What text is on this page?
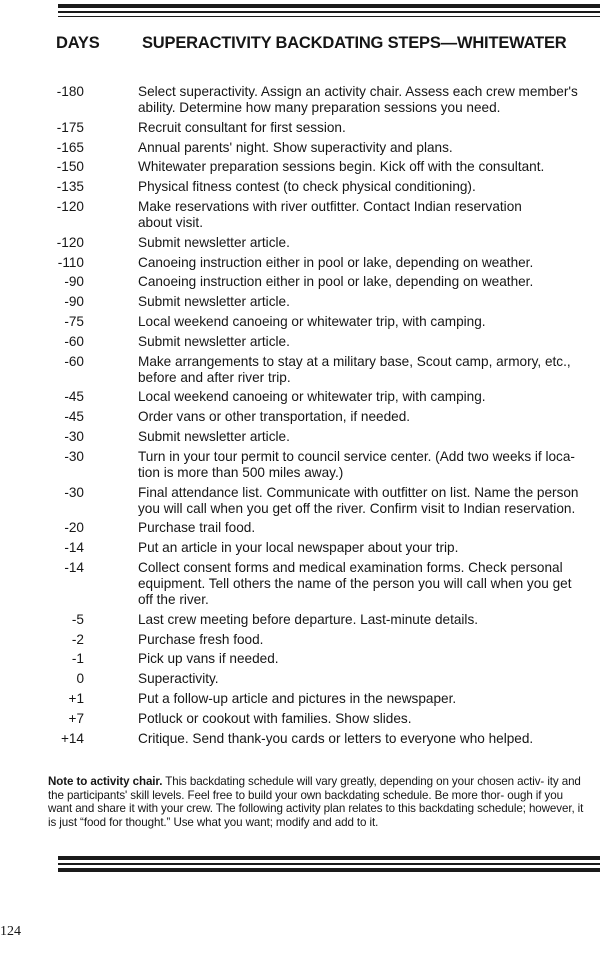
DAYS	SUPERACTIVITY BACKDATING STEPS—WHITEWATER
-180	Select superactivity. Assign an activity chair. Assess each crew member's
ability. Determine how many preparation sessions you need.
-175	Recruit consultant for first session.
-165	Annual parents' night. Show superactivity and plans.
-150	Whitewater preparation sessions begin. Kick off with the consultant.
-135	Physical fitness contest (to check physical conditioning).
-120	Make reservations with river outfitter. Contact Indian reservation
about visit.
-120	Submit newsletter article.
-110	Canoeing instruction either in pool or lake, depending on weather.
-90	Canoeing instruction either in pool or lake, depending on weather.
-90	Submit newsletter article.
-75	Local weekend canoeing or whitewater trip, with camping.
-60	Submit newsletter article.
-60	Make arrangements to stay at a military base, Scout camp, armory, etc.,
before and after river trip.
-45	Local weekend canoeing or whitewater trip, with camping.
-45	Order vans or other transportation, if needed.
-30	Submit newsletter article.
-30	Turn in your tour permit to council service center. (Add two weeks if loca-
tion is more than 500 miles away.)
-30	Final attendance list. Communicate with outfitter on list. Name the person
you will call when you get off the river. Confirm visit to Indian reservation.
-20	Purchase trail food.
-14	Put an article in your local newspaper about your trip.
-14	Collect consent forms and medical examination forms. Check personal
equipment. Tell others the name of the person you will call when you get
off the river.
-5	Last crew meeting before departure. Last-minute details.
-2	Purchase fresh food.
-1	Pick up vans if needed.
0	Superactivity.
+1	Put a follow-up article and pictures in the newspaper.
+7	Potluck or cookout with families. Show slides.
+14	Critique. Send thank-you cards or letters to everyone who helped.
Note to activity chair. This backdating schedule will vary greatly, depending on your chosen activ- ity and the participants' skill levels. Feel free to build your own backdating schedule. Be more thor- ough if you want and share it with your crew. The following activity plan relates to this backdating schedule; however, it is just “food for thought.” Use what you want; modify and add to it.
124
